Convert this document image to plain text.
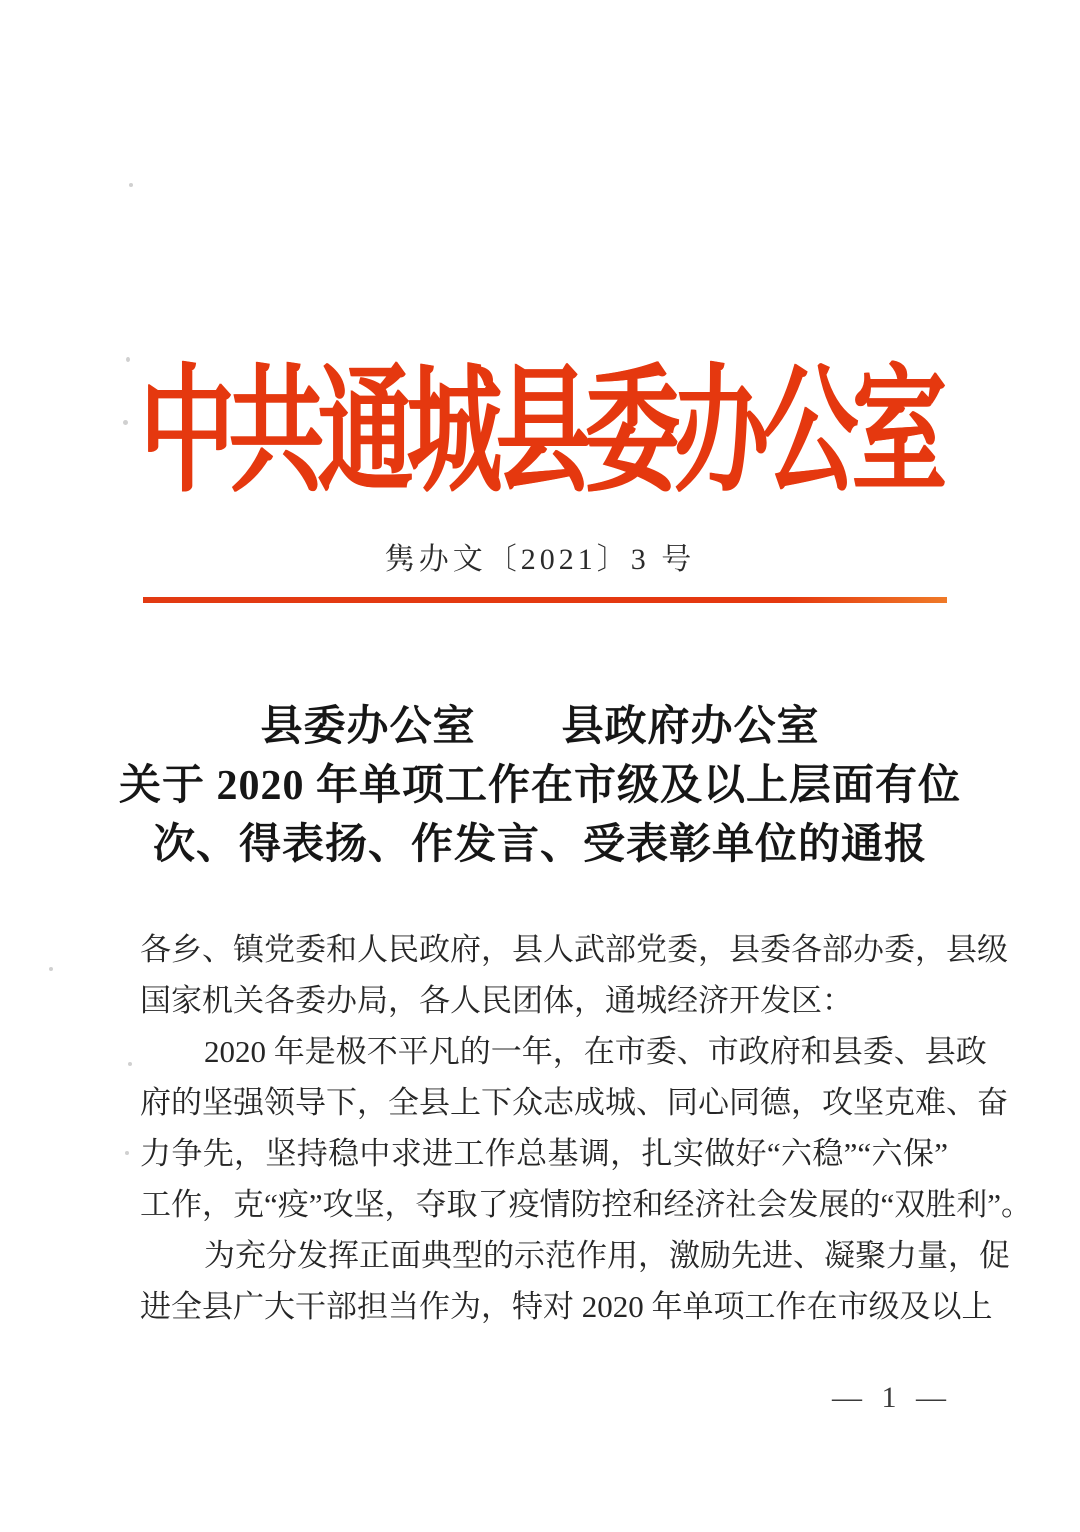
中共通城县委办公室
隽办文〔2021〕3 号
县委办公室　　县政府办公室
关于 2020 年单项工作在市级及以上层面有位
次、得表扬、作发言、受表彰单位的通报
各乡、镇党委和人民政府，县人武部党委，县委各部办委，县级
国家机关各委办局，各人民团体，通城经济开发区：
2020 年是极不平凡的一年，在市委、市政府和县委、县政
府的坚强领导下，全县上下众志成城、同心同德，攻坚克难、奋
力争先，坚持稳中求进工作总基调，扎实做好“六稳”“六保”
工作，克“疫”攻坚，夺取了疫情防控和经济社会发展的“双胜利”。
为充分发挥正面典型的示范作用，激励先进、凝聚力量，促
进全县广大干部担当作为，特对 2020 年单项工作在市级及以上
— 1 —
